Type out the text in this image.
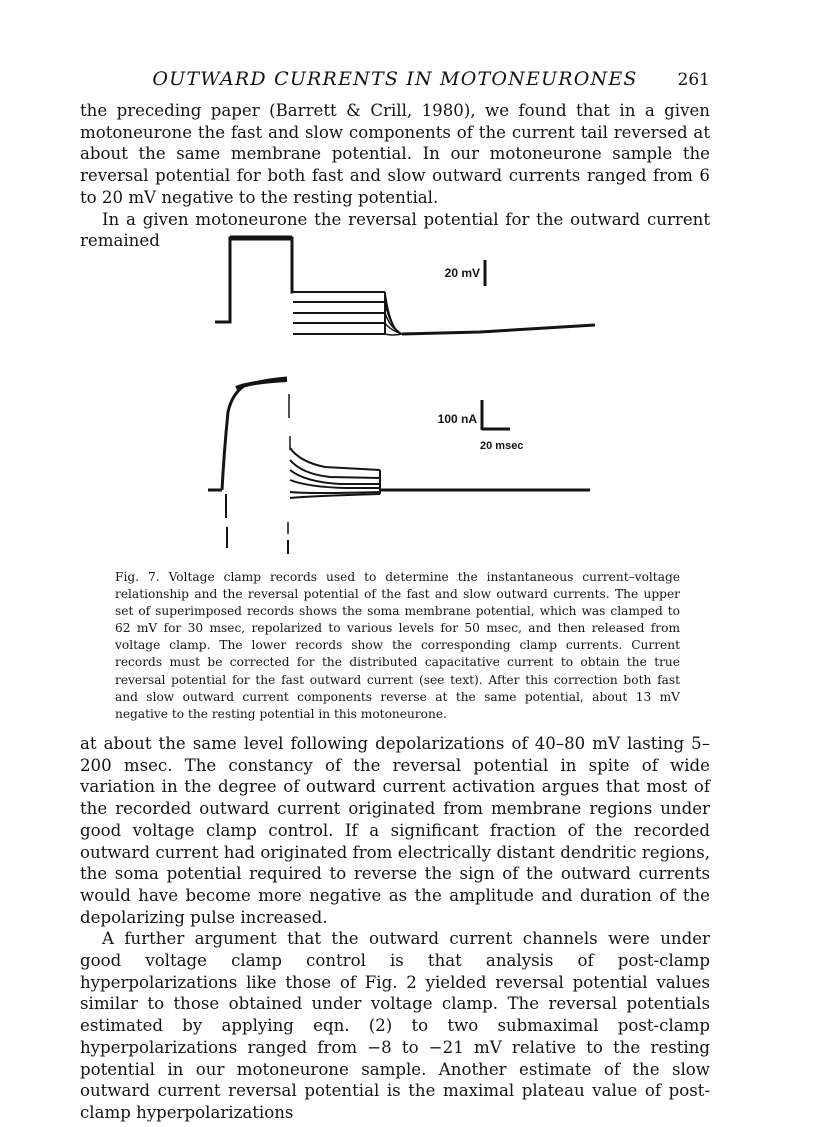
OUTWARD CURRENTS IN MOTONEURONES	261

the preceding paper (Barrett & Crill, 1980), we found that in a given motoneurone the fast and slow components of the current tail reversed at about the same membrane potential. In our motoneurone sample the reversal potential for both fast and slow outward currents ranged from 6 to 20 mV negative to the resting potential.

In a given motoneurone the reversal potential for the outward current remained

20 mV
100 nA
20 msec

Fig. 7. Voltage clamp records used to determine the instantaneous current–voltage relationship and the reversal potential of the fast and slow outward currents. The upper set of superimposed records shows the soma membrane potential, which was clamped to 62 mV for 30 msec, repolarized to various levels for 50 msec, and then released from voltage clamp. The lower records show the corresponding clamp currents. Current records must be corrected for the distributed capacitative current to obtain the true reversal potential for the fast outward current (see text). After this correction both fast and slow outward current components reverse at the same potential, about 13 mV negative to the resting potential in this motoneurone.

at about the same level following depolarizations of 40–80 mV lasting 5–200 msec. The constancy of the reversal potential in spite of wide variation in the degree of outward current activation argues that most of the recorded outward current originated from membrane regions under good voltage clamp control. If a significant fraction of the recorded outward current had originated from electrically distant dendritic regions, the soma potential required to reverse the sign of the outward currents would have become more negative as the amplitude and duration of the depolarizing pulse increased.

A further argument that the outward current channels were under good voltage clamp control is that analysis of post-clamp hyperpolarizations like those of Fig. 2 yielded reversal potential values similar to those obtained under voltage clamp. The reversal potentials estimated by applying eqn. (2) to two submaximal post-clamp hyperpolarizations ranged from −8 to −21 mV relative to the resting potential in our motoneurone sample. Another estimate of the slow outward current reversal potential is the maximal plateau value of post-clamp hyperpolarizations
